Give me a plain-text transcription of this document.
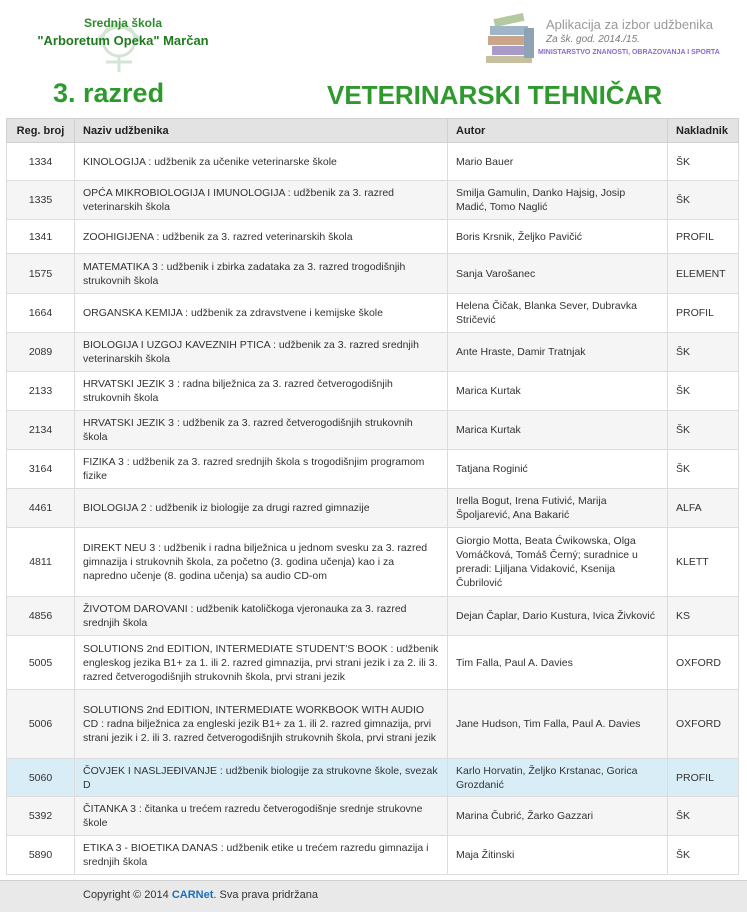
Srednja škola
"Arboretum Opeka" Marčan
Aplikacija za izbor udžbenika
Za šk. god. 2014./15.
MINISTARSTVO ZNANOSTI, OBRAZOVANJA I SPORTA
3. razred	VETERINARSKI TEHNIČAR
Reg. broj	Naziv udžbenika	Autor	Nakladnik
1334	KINOLOGIJA : udžbenik za učenike veterinarske škole	Mario Bauer	ŠK
1335	OPĆA MIKROBIOLOGIJA I IMUNOLOGIJA : udžbenik za 3. razred veterinarskih škola	Smilja Gamulin, Danko Hajsig, Josip Madić, Tomo Naglić	ŠK
1341	ZOOHIGIJENA : udžbenik za 3. razred veterinarskih škola	Boris Krsnik, Željko Pavičić	PROFIL
1575	MATEMATIKA 3 : udžbenik i zbirka zadataka za 3. razred trogodišnjih strukovnih škola	Sanja Varošanec	ELEMENT
1664	ORGANSKA KEMIJA : udžbenik za zdravstvene i kemijske škole	Helena Čičak, Blanka Sever, Dubravka Stričević	PROFIL
2089	BIOLOGIJA I UZGOJ KAVEZNIH PTICA : udžbenik za 3. razred srednjih veterinarskih škola	Ante Hraste, Damir Tratnjak	ŠK
2133	HRVATSKI JEZIK 3 : radna bilježnica za 3. razred četverogodišnjih strukovnih škola	Marica Kurtak	ŠK
2134	HRVATSKI JEZIK 3 : udžbenik za 3. razred četverogodišnjih strukovnih škola	Marica Kurtak	ŠK
3164	FIZIKA 3 : udžbenik za 3. razred srednjih škola s trogodišnjim programom fizike	Tatjana Roginić	ŠK
4461	BIOLOGIJA 2 : udžbenik iz biologije za drugi razred gimnazije	Irella Bogut, Irena Futivić, Marija Špoljarević, Ana Bakarić	ALFA
4811	DIREKT NEU 3 : udžbenik i radna bilježnica u jednom svesku za 3. razred gimnazija i strukovnih škola, za početno (3. godina učenja) kao i za napredno učenje (8. godina učenja) sa audio CD-om	Giorgio Motta, Beata Ćwikowska, Olga Vomáčková, Tomáš Černý; suradnice u preradi: Ljiljana Vidaković, Ksenija Čubrilović	KLETT
4856	ŽIVOTOM DAROVANI : udžbenik katoličkoga vjeronauka za 3. razred srednjih škola	Dejan Čaplar, Dario Kustura, Ivica Živković	KS
5005	SOLUTIONS 2nd EDITION, INTERMEDIATE STUDENT'S BOOK : udžbenik engleskog jezika B1+ za 1. ili 2. razred gimnazija, prvi strani jezik i za 2. ili 3. razred četverogodišnjih strukovnih škola, prvi strani jezik	Tim Falla, Paul A. Davies	OXFORD
5006	SOLUTIONS 2nd EDITION, INTERMEDIATE WORKBOOK WITH AUDIO CD : radna bilježnica za engleski jezik B1+ za 1. ili 2. razred gimnazija, prvi strani jezik i 2. ili 3. razred četverogodišnjih strukovnih škola, prvi strani jezik	Jane Hudson, Tim Falla, Paul A. Davies	OXFORD
5060	ČOVJEK I NASLJEĐIVANJE : udžbenik biologije za strukovne škole, svezak D	Karlo Horvatin, Željko Krstanac, Gorica Grozdanić	PROFIL
5392	ČITANKA 3 : čitanka u trećem razredu četverogodišnje srednje strukovne škole	Marina Čubrić, Žarko Gazzari	ŠK
5890	ETIKA 3 - BIOETIKA DANAS : udžbenik etike u trećem razredu gimnazija i srednjih škola	Maja Žitinski	ŠK
Copyright © 2014 CARNet. Sva prava pridržana
